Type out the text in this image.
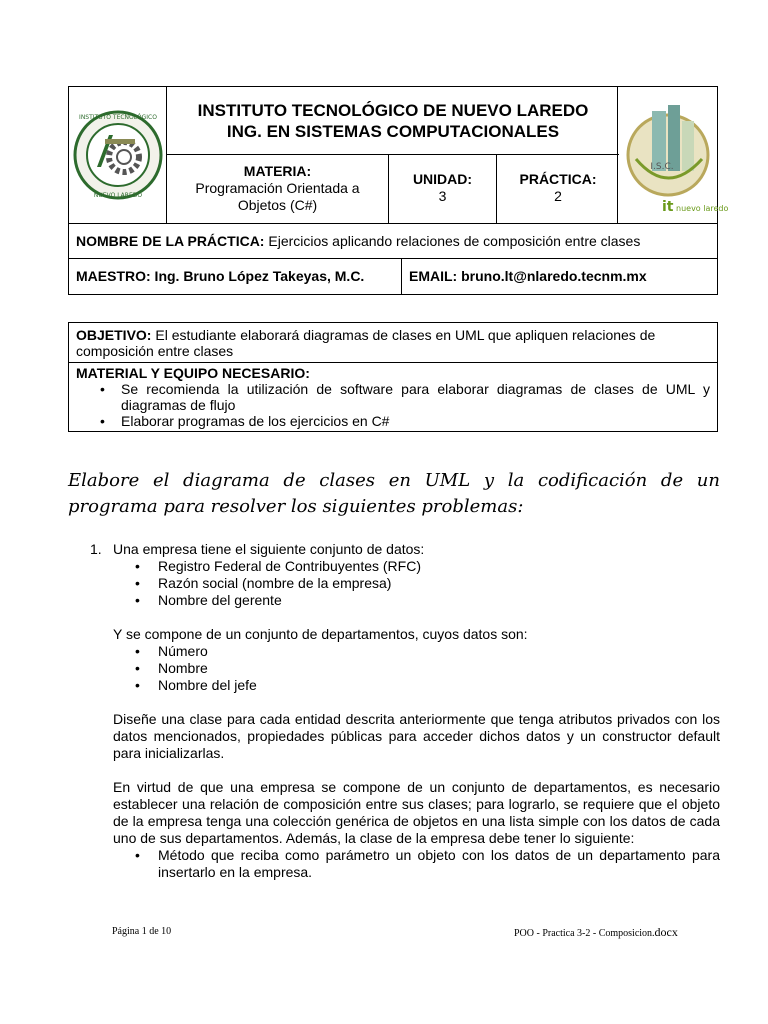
INSTITUTO TECNOLÓGICO
NUEVO LAREDO
INSTITUTO TECNOLÓGICO DE NUEVO LAREDO
ING. EN SISTEMAS COMPUTACIONALES
MATERIA:
Programación Orientada a
Objetos (C#)
UNIDAD:
3
PRÁCTICA:
2
I.S.C.
it nuevo laredo
NOMBRE DE LA PRÁCTICA: Ejercicios aplicando relaciones de composición entre clases
MAESTRO: Ing. Bruno López Takeyas, M.C.	EMAIL: bruno.lt@nlaredo.tecnm.mx
OBJETIVO: El estudiante elaborará diagramas de clases en UML que apliquen relaciones de composición entre clases
MATERIAL Y EQUIPO NECESARIO:
• Se recomienda la utilización de software para elaborar diagramas de clases de UML y diagramas de flujo
• Elaborar programas de los ejercicios en C#
Elabore el diagrama de clases en UML y la codificación de un programa para resolver los siguientes problemas:
1. Una empresa tiene el siguiente conjunto de datos:
• Registro Federal de Contribuyentes (RFC)
• Razón social (nombre de la empresa)
• Nombre del gerente
Y se compone de un conjunto de departamentos, cuyos datos son:
• Número
• Nombre
• Nombre del jefe
Diseñe una clase para cada entidad descrita anteriormente que tenga atributos privados con los datos mencionados, propiedades públicas para acceder dichos datos y un constructor default para inicializarlas.
En virtud de que una empresa se compone de un conjunto de departamentos, es necesario establecer una relación de composición entre sus clases; para lograrlo, se requiere que el objeto de la empresa tenga una colección genérica de objetos en una lista simple con los datos de cada uno de sus departamentos. Además, la clase de la empresa debe tener lo siguiente:
• Método que reciba como parámetro un objeto con los datos de un departamento para insertarlo en la empresa.
Página 1 de 10	POO - Practica 3-2 - Composicion.docx
